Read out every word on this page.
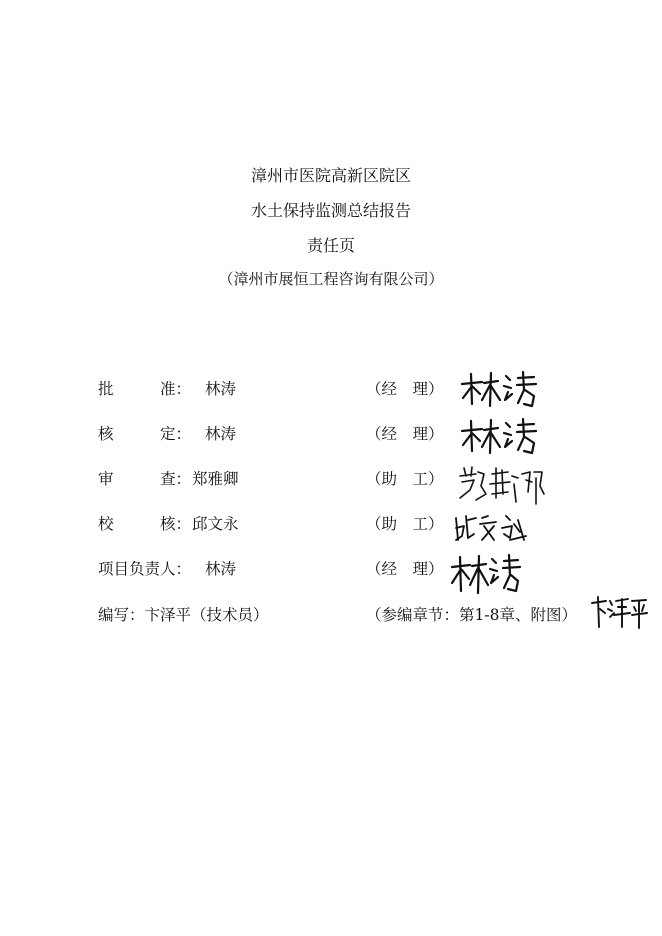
漳州市医院高新区院区
水土保持监测总结报告
责任页
（漳州市展恒工程咨询有限公司）
批　　　准： 林涛	（经　理）
核　　　定： 林涛	（经　理）
审　　　查： 郑雅卿	（助　工）
校　　　核： 邱文永	（助　工）
项目负责人： 林涛	（经　理）
编写：卞泽平（技术员）	（参编章节：第1-8章、附图）
